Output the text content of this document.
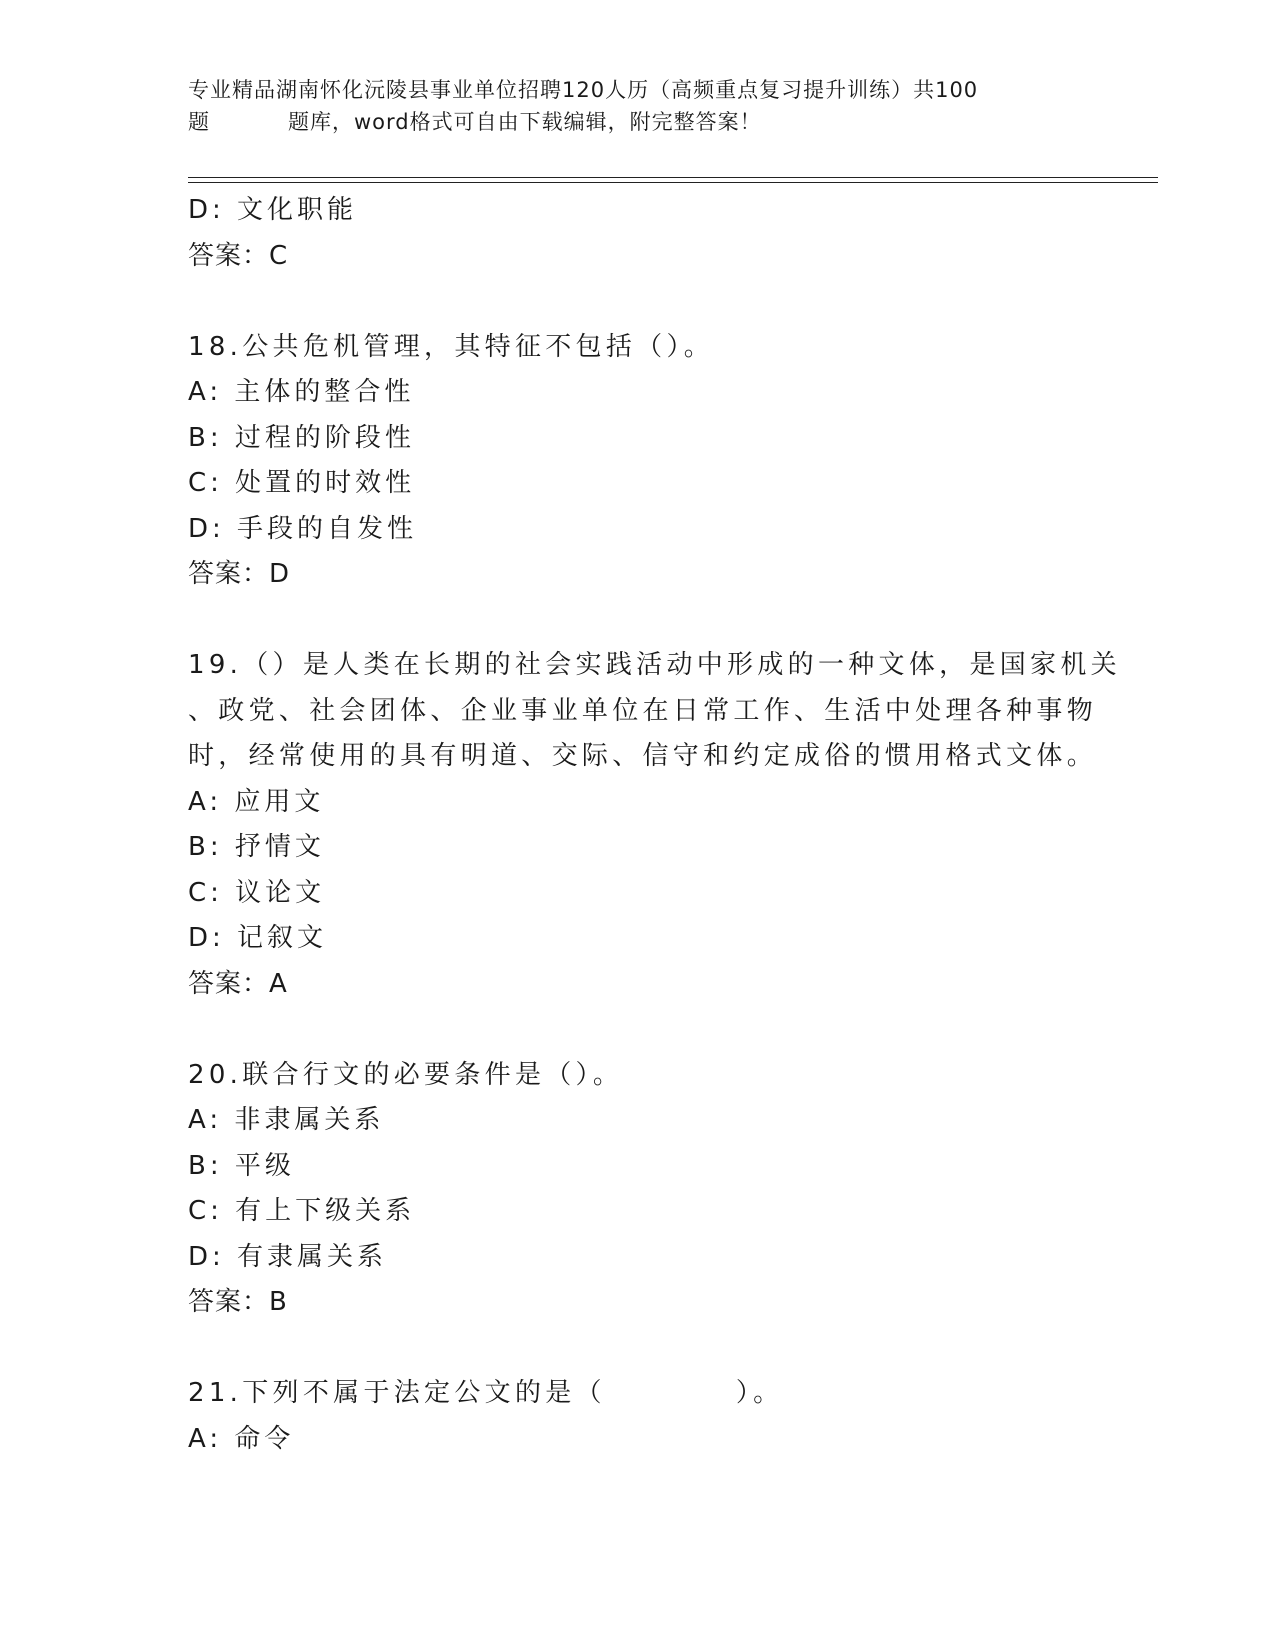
专业精品湖南怀化沅陵县事业单位招聘120人历（高频重点复习提升训练）共100
题	题库，word格式可自由下载编辑，附完整答案！
D: 文化职能
答案：C
18.公共危机管理，其特征不包括（）。
A: 主体的整合性
B: 过程的阶段性
C: 处置的时效性
D: 手段的自发性
答案：D
19.（）是人类在长期的社会实践活动中形成的一种文体，是国家机关
、政党、社会团体、企业事业单位在日常工作、生活中处理各种事物
时，经常使用的具有明道、交际、信守和约定成俗的惯用格式文体。
A: 应用文
B: 抒情文
C: 议论文
D: 记叙文
答案：A
20.联合行文的必要条件是（）。
A: 非隶属关系
B: 平级
C: 有上下级关系
D: 有隶属关系
答案：B
21.下列不属于法定公文的是（	）。
A: 命令
